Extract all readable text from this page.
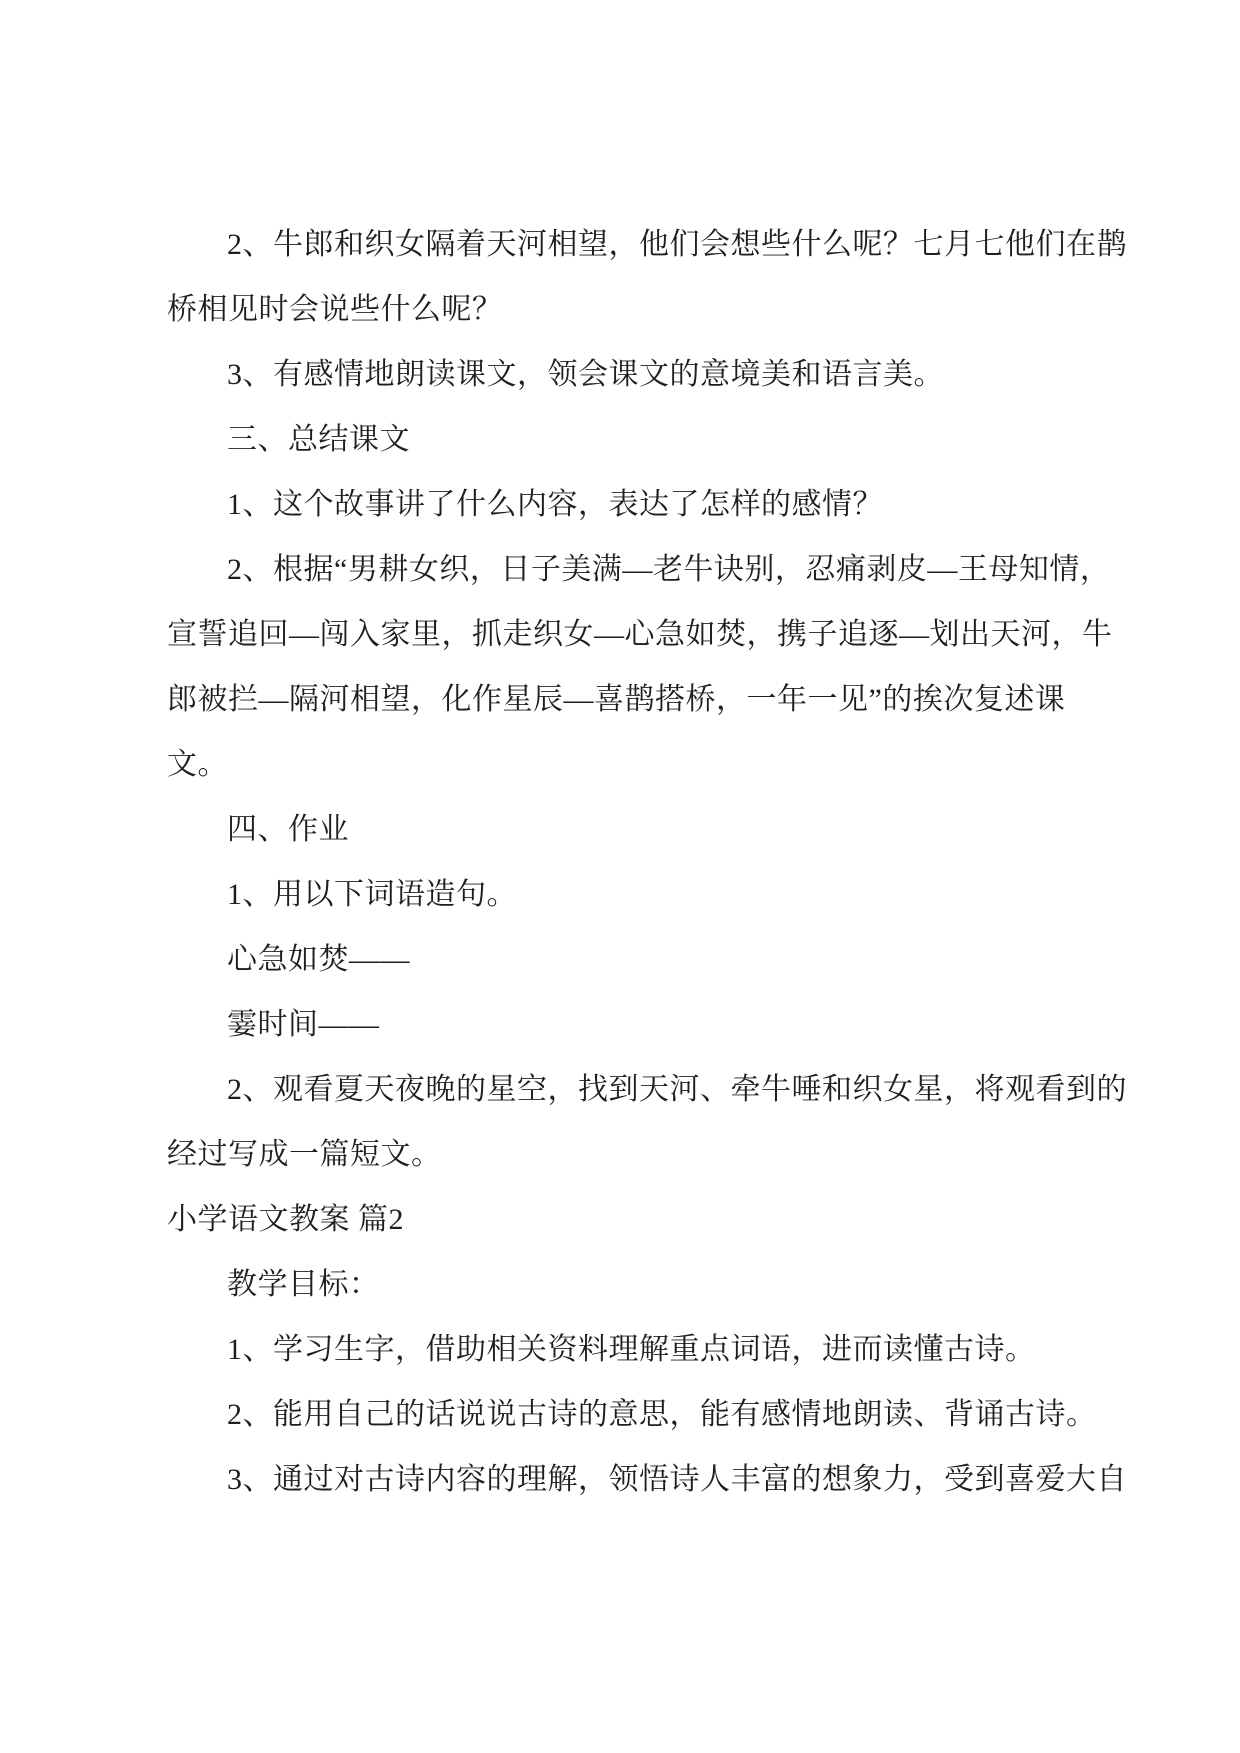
2、牛郎和织女隔着天河相望，他们会想些什么呢？七月七他们在鹊
桥相见时会说些什么呢？
3、有感情地朗读课文，领会课文的意境美和语言美。
三、总结课文
1、这个故事讲了什么内容，表达了怎样的感情？
2、根据“男耕女织，日子美满—老牛诀别，忍痛剥皮—王母知情，
宣誓追回—闯入家里，抓走织女—心急如焚，携子追逐—划出天河，牛
郎被拦—隔河相望，化作星辰—喜鹊搭桥，一年一见”的挨次复述课
文。
四、作业
1、用以下词语造句。
心急如焚——
霎时间——
2、观看夏天夜晚的星空，找到天河、牵牛唾和织女星，将观看到的
经过写成一篇短文。
小学语文教案 篇2
教学目标：
1、学习生字，借助相关资料理解重点词语，进而读懂古诗。
2、能用自己的话说说古诗的意思，能有感情地朗读、背诵古诗。
3、通过对古诗内容的理解，领悟诗人丰富的想象力，受到喜爱大自
